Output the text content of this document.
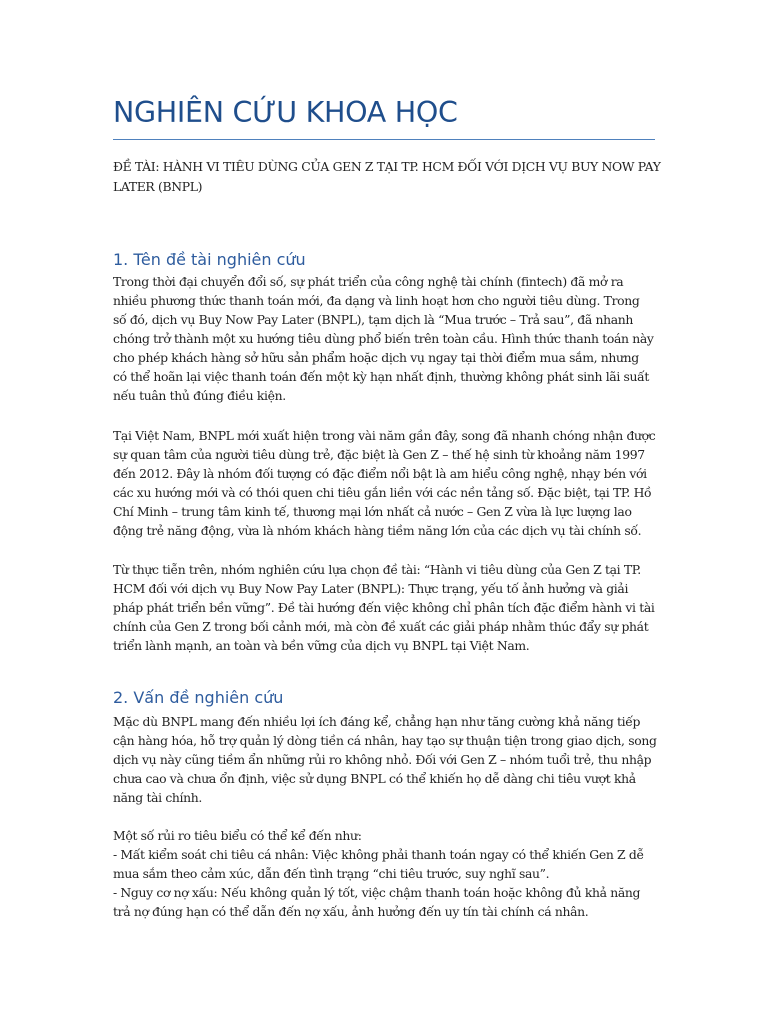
NGHIÊN CỨU KHOA HỌC

ĐỀ TÀI: HÀNH VI TIÊU DÙNG CỦA GEN Z TẠI TP. HCM ĐỐI VỚI DỊCH VỤ BUY NOW PAY
LATER (BNPL)

1. Tên đề tài nghiên cứu

Trong thời đại chuyển đổi số, sự phát triển của công nghệ tài chính (fintech) đã mở ra
nhiều phương thức thanh toán mới, đa dạng và linh hoạt hơn cho người tiêu dùng. Trong
số đó, dịch vụ Buy Now Pay Later (BNPL), tạm dịch là “Mua trước – Trả sau”, đã nhanh
chóng trở thành một xu hướng tiêu dùng phổ biến trên toàn cầu. Hình thức thanh toán này
cho phép khách hàng sở hữu sản phẩm hoặc dịch vụ ngay tại thời điểm mua sắm, nhưng
có thể hoãn lại việc thanh toán đến một kỳ hạn nhất định, thường không phát sinh lãi suất
nếu tuân thủ đúng điều kiện.

Tại Việt Nam, BNPL mới xuất hiện trong vài năm gần đây, song đã nhanh chóng nhận được
sự quan tâm của người tiêu dùng trẻ, đặc biệt là Gen Z – thế hệ sinh từ khoảng năm 1997
đến 2012. Đây là nhóm đối tượng có đặc điểm nổi bật là am hiểu công nghệ, nhạy bén với
các xu hướng mới và có thói quen chi tiêu gắn liền với các nền tảng số. Đặc biệt, tại TP. Hồ
Chí Minh – trung tâm kinh tế, thương mại lớn nhất cả nước – Gen Z vừa là lực lượng lao
động trẻ năng động, vừa là nhóm khách hàng tiềm năng lớn của các dịch vụ tài chính số.

Từ thực tiễn trên, nhóm nghiên cứu lựa chọn đề tài: “Hành vi tiêu dùng của Gen Z tại TP.
HCM đối với dịch vụ Buy Now Pay Later (BNPL): Thực trạng, yếu tố ảnh hưởng và giải
pháp phát triển bền vững”. Đề tài hướng đến việc không chỉ phân tích đặc điểm hành vi tài
chính của Gen Z trong bối cảnh mới, mà còn đề xuất các giải pháp nhằm thúc đẩy sự phát
triển lành mạnh, an toàn và bền vững của dịch vụ BNPL tại Việt Nam.

2. Vấn đề nghiên cứu

Mặc dù BNPL mang đến nhiều lợi ích đáng kể, chẳng hạn như tăng cường khả năng tiếp
cận hàng hóa, hỗ trợ quản lý dòng tiền cá nhân, hay tạo sự thuận tiện trong giao dịch, song
dịch vụ này cũng tiềm ẩn những rủi ro không nhỏ. Đối với Gen Z – nhóm tuổi trẻ, thu nhập
chưa cao và chưa ổn định, việc sử dụng BNPL có thể khiến họ dễ dàng chi tiêu vượt khả
năng tài chính.

Một số rủi ro tiêu biểu có thể kể đến như:
- Mất kiểm soát chi tiêu cá nhân: Việc không phải thanh toán ngay có thể khiến Gen Z dễ
mua sắm theo cảm xúc, dẫn đến tình trạng “chi tiêu trước, suy nghĩ sau”.
- Nguy cơ nợ xấu: Nếu không quản lý tốt, việc chậm thanh toán hoặc không đủ khả năng
trả nợ đúng hạn có thể dẫn đến nợ xấu, ảnh hưởng đến uy tín tài chính cá nhân.
